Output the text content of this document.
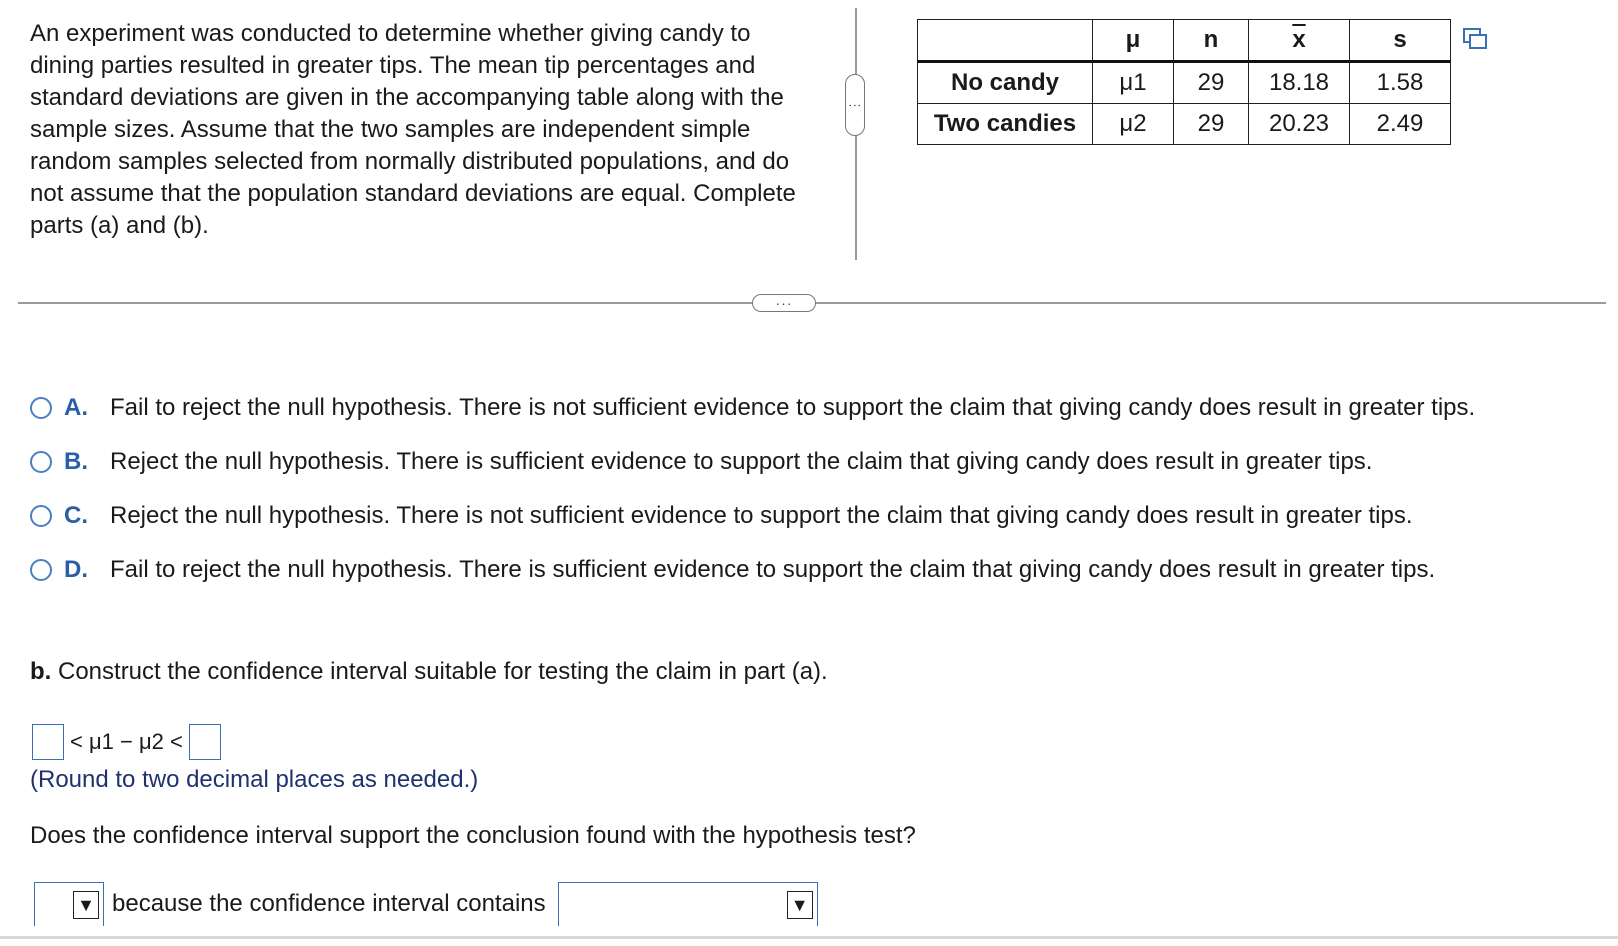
An experiment was conducted to determine whether giving candy to dining parties resulted in greater tips. The mean tip percentages and standard deviations are given in the accompanying table along with the sample sizes. Assume that the two samples are independent simple random samples selected from normally distributed populations, and do not assume that the population standard deviations are equal. Complete parts (a) and (b).
⋮
	μ	n	$\overline{x}$	s
No candy	μ1	29	18.18	1.58
Two candies	μ2	29	20.23	2.49
···
A. Fail to reject the null hypothesis. There is not sufficient evidence to support the claim that giving candy does result in greater tips.
B. Reject the null hypothesis. There is sufficient evidence to support the claim that giving candy does result in greater tips.
C. Reject the null hypothesis. There is not sufficient evidence to support the claim that giving candy does result in greater tips.
D. Fail to reject the null hypothesis. There is sufficient evidence to support the claim that giving candy does result in greater tips.
b. Construct the confidence interval suitable for testing the claim in part (a).
< μ1 − μ2 <
(Round to two decimal places as needed.)
Does the confidence interval support the conclusion found with the hypothesis test?
▼ because the confidence interval contains	▼
